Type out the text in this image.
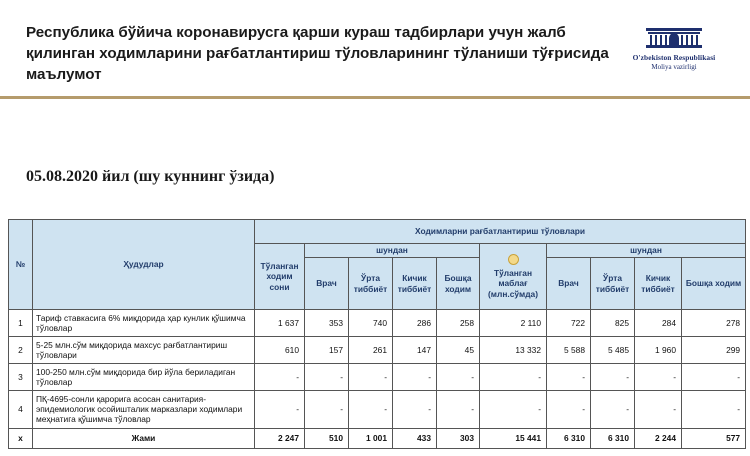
Республика бўйича коронавирусга қарши кураш тадбирлари учун жалб қилинган ходимларини рағбатлантириш тўловларининг тўланиши тўғрисида маълумот
O'zbekiston Respublikasi
Moliya vazirligi
05.08.2020 йил (шу куннинг ўзида)
№	Ҳудудлар	Ходимларни рағбатлантириш тўловлари									
		Тўланган ходим сони	шундан				Тўланган маблағ (млн.сўмда)	шундан			
			Врач	Ўрта тиббиёт	Кичик тиббиёт	Бошқа ходим		Врач	Ўрта тиббиёт	Кичик тиббиёт	Бошқа ходим
1	Тариф ставкасига 6% миқдорида ҳар кунлик қўшимча тўловлар	1 637	353	740	286	258	2 110	722	825	284	278
2	5-25 млн.сўм миқдорида махсус рағбатлантириш тўловлари	610	157	261	147	45	13 332	5 588	5 485	1 960	299
3	100-250 млн.сўм миқдорида бир йўла бериладиган тўловлар	-	-	-	-	-	-	-	-	-	-
4	ПҚ-4695-сонли қарорига асосан санитария-эпидемиологик осойишталик марказлари ходимлари меҳнатига қўшимча тўловлар	-	-	-	-	-	-	-	-	-	-
х	Жами	2 247	510	1 001	433	303	15 441	6 310	6 310	2 244	577
